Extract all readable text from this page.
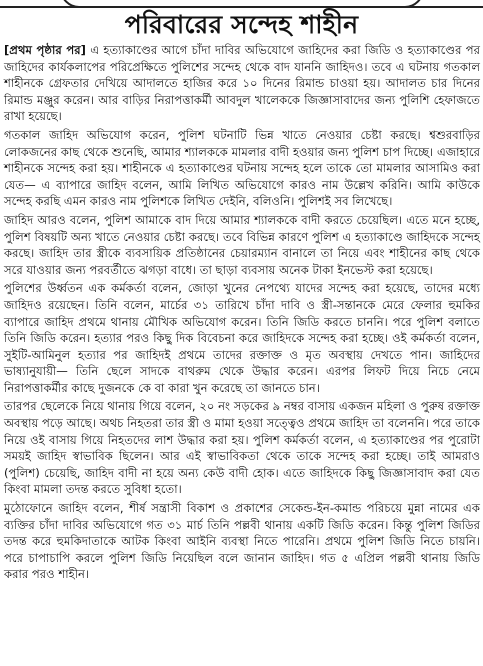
পরিবারের সন্দেহ শাহীন

[প্রথম পৃষ্ঠার পর] এ হত্যাকাণ্ডের আগে চাঁদা দাবির অভিযোগে জাহিদের করা জিডি ও হত্যাকাণ্ডের পর জাহিদের কার্যকলাপের পরিপ্রেক্ষিতে পুলিশের সন্দেহ থেকে বাদ যাননি জাহিদও। তবে এ ঘটনায় গতকাল শাহীনকে গ্রেফতার দেখিয়ে আদালতে হাজির করে ১০ দিনের রিমান্ড চাওয়া হয়। আদালত চার দিনের রিমান্ড মঞ্জুর করেন। আর বাড়ির নিরাপত্তাকর্মী আবদুল খালেককে জিজ্ঞাসাবাদের জন্য পুলিশি হেফাজতে রাখা হয়েছে।

গতকাল জাহিদ অভিযোগ করেন, পুলিশ ঘটনাটি ভিন্ন খাতে নেওয়ার চেষ্টা করছে। শ্বশুরবাড়ির লোকজনের কাছ থেকে শুনেছি, আমার শ্যালককে মামলার বাদী হওয়ার জন্য পুলিশ চাপ দিচ্ছে। এজাহারে শাহীনকে সন্দেহ করা হয়। শাহীনকে এ হত্যাকাণ্ডের ঘটনায় সন্দেহ হলে তাকে তো মামলার আসামিও করা যেত— এ ব্যাপারে জাহিদ বলেন, আমি লিখিত অভিযোগে কারও নাম উল্লেখ করিনি। আমি কাউকে সন্দেহ করছি এমন কারও নাম পুলিশকে লিখিত দেইনি, বলিওনি। পুলিশই সব লিখেছে।

জাহিদ আরও বলেন, পুলিশ আমাকে বাদ দিয়ে আমার শ্যালককে বাদী করতে চেয়েছিল। এতে মনে হচ্ছে, পুলিশ বিষয়টি অন্য খাতে নেওয়ার চেষ্টা করছে। তবে বিভিন্ন কারণে পুলিশ এ হত্যাকাণ্ডে জাহিদকে সন্দেহ করছে। জাহিদ তার স্ত্রীকে ব্যবসায়িক প্রতিষ্ঠানের চেয়ারম্যান বানালে তা নিয়ে এবং শাহীনের কাছ থেকে সরে যাওয়ার জন্য পরবর্তীতে ঝগড়া বাধে। তা ছাড়া ব্যবসায় অনেক টাকা ইনভেস্ট করা হয়েছে।

পুলিশের উর্ধ্বতন এক কর্মকর্তা বলেন, জোড়া খুনের নেপথ্যে যাদের সন্দেহ করা হয়েছে, তাদের মধ্যে জাহিদও রয়েছেন। তিনি বলেন, মার্চের ৩১ তারিখে চাঁদা দাবি ও স্ত্রী-সন্তানকে মেরে ফেলার হুমকির ব্যাপারে জাহিদ প্রথমে থানায় মৌখিক অভিযোগ করেন। তিনি জিডি করতে চাননি। পরে পুলিশ বলাতে তিনি জিডি করেন। হত্যার পরও কিছু দিক বিবেচনা করে জাহিদকে সন্দেহ করা হচ্ছে। ওই কর্মকর্তা বলেন, সুইটি-আমিনুল হত্যার পর জাহিদই প্রথমে তাদের রক্তাক্ত ও মৃত অবস্থায় দেখতে পান। জাহিদের ভাষ্যানুযায়ী— তিনি ছেলে সাদকে বাথরুম থেকে উদ্ধার করেন। এরপর লিফট দিয়ে নিচে নেমে নিরাপত্তাকর্মীর কাছে দুজনকে কে বা কারা খুন করেছে তা জানতে চান।

তারপর ছেলেকে নিয়ে থানায় গিয়ে বলেন, ২০ নং সড়কের ৯ নম্বর বাসায় একজন মহিলা ও পুরুষ রক্তাক্ত অবস্থায় পড়ে আছে। অথচ নিহতরা তার স্ত্রী ও মামা হওয়া সত্ত্বেও প্রথমে জাহিদ তা বলেননি। পরে তাকে নিয়ে ওই বাসায় গিয়ে নিহতদের লাশ উদ্ধার করা হয়। পুলিশ কর্মকর্তা বলেন, এ হত্যাকাণ্ডের পর পুরোটা সময়ই জাহিদ স্বাভাবিক ছিলেন। আর এই স্বাভাবিকতা থেকে তাকে সন্দেহ করা হচ্ছে। তাই আমরাও (পুলিশ) চেয়েছি, জাহিদ বাদী না হয়ে অন্য কেউ বাদী হোক। এতে জাহিদকে কিছু জিজ্ঞাসাবাদ করা যেত কিংবা মামলা তদন্ত করতে সুবিধা হতো।

মুঠোফোনে জাহিদ বলেন, শীর্ষ সন্ত্রাসী বিকাশ ও প্রকাশের সেকেন্ড-ইন-কমান্ড পরিচয়ে মুন্না নামের এক ব্যক্তির চাঁদা দাবির অভিযোগে গত ৩১ মার্চ তিনি পল্লবী থানায় একটি জিডি করেন। কিন্তু পুলিশ জিডির তদন্ত করে হুমকিদাতাকে আটক কিংবা আইনি ব্যবস্থা নিতে পারেনি। প্রথমে পুলিশ জিডি নিতে চায়নি। পরে চাপাচাপি করলে পুলিশ জিডি নিয়েছিল বলে জানান জাহিদ। গত ৫ এপ্রিল পল্লবী থানায় জিডি করার পরও শাহীন।
